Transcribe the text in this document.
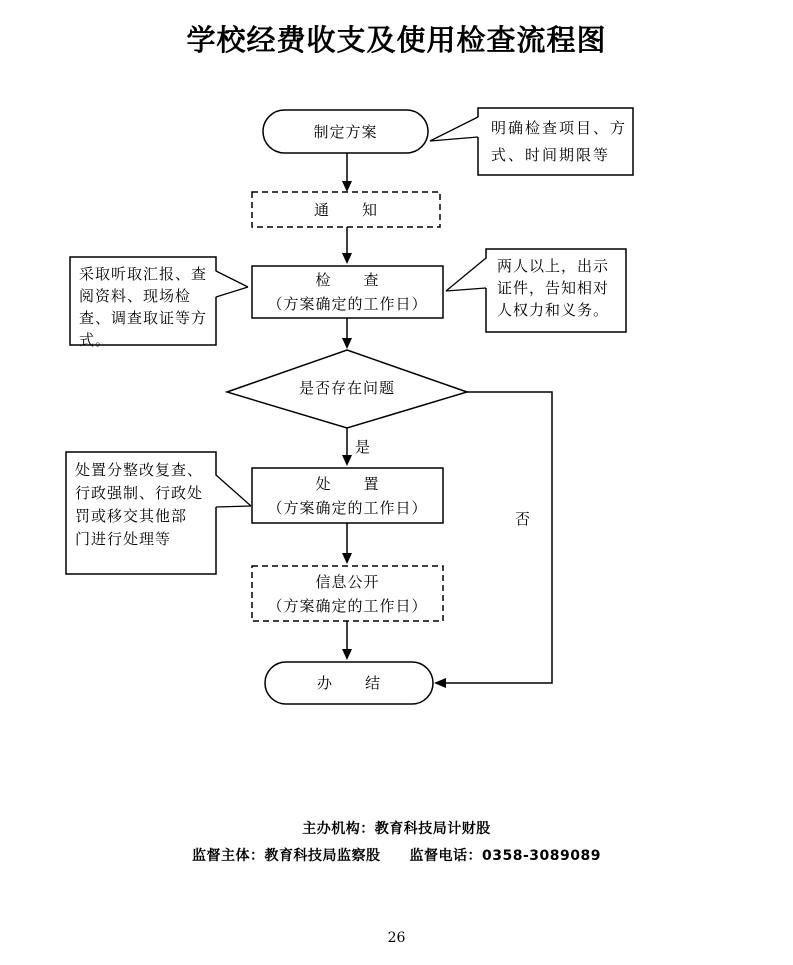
学校经费收支及使用检查流程图
制定方案	明确检查项目、方
式、时间期限等
通　　知
检　　查
（方案确定的工作日）
采取听取汇报、查
阅资料、现场检
查、调查取证等方
式。
两人以上，出示
证件，告知相对
人权力和义务。
是否存在问题
是
否
处　　置
（方案确定的工作日）
处置分整改复查、
行政强制、行政处
罚或移交其他部
门进行处理等
信息公开
（方案确定的工作日）
办　　结
主办机构：教育科技局计财股
监督主体：教育科技局监察股　　监督电话：0358-3089089
26
